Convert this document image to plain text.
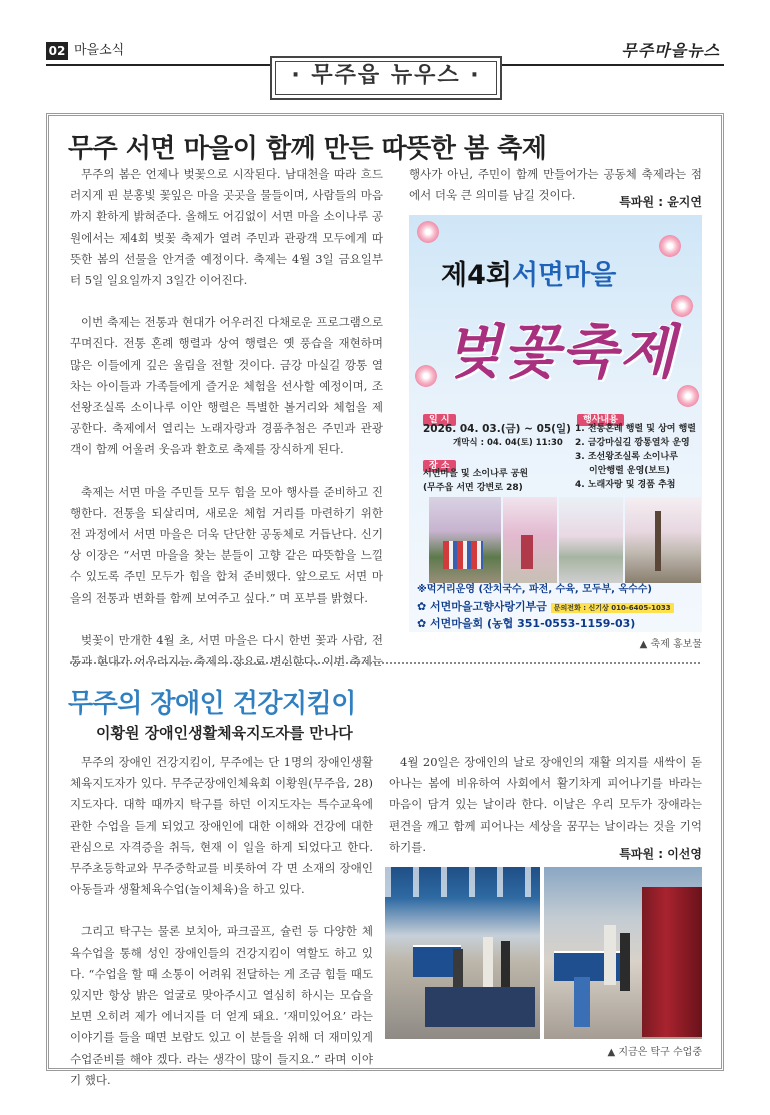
02 마을소식	무주마을뉴스
· 무주읍 뉴우스 ·
무주 서면 마을이 함께 만든 따뜻한 봄 축제

무주의 봄은 언제나 벚꽃으로 시작된다. 남대천을 따라 흐드러지게 핀 분홍빛 꽃잎은 마을 곳곳을 물들이며, 사람들의 마음까지 환하게 밝혀준다. 올해도 어김없이 서면 마을 소이나루 공원에서는 제4회 벚꽃 축제가 열려 주민과 관광객 모두에게 따뜻한 봄의 선물을 안겨줄 예정이다. 축제는 4월 3일 금요일부터 5일 일요일까지 3일간 이어진다.

이번 축제는 전통과 현대가 어우러진 다채로운 프로그램으로 꾸며진다. 전통 혼례 행렬과 상여 행렬은 옛 풍습을 재현하며 많은 이들에게 깊은 울림을 전할 것이다. 금강 마실길 깡통 열차는 아이들과 가족들에게 즐거운 체험을 선사할 예정이며, 조선왕조실록 소이나루 이안 행렬은 특별한 볼거리와 체험을 제공한다. 축제에서 열리는 노래자랑과 경품추첨은 주민과 관광객이 함께 어울려 웃음과 환호로 축제를 장식하게 된다.

축제는 서면 마을 주민들 모두 힘을 모아 행사를 준비하고 진행한다. 전통을 되살리며, 새로운 체험 거리를 마련하기 위한 전 과정에서 서면 마을은 더욱 단단한 공동체로 거듭난다. 신기상 이장은 “서면 마을을 찾는 분들이 고향 같은 따뜻함을 느낄 수 있도록 주민 모두가 힘을 합쳐 준비했다. 앞으로도 서면 마을의 전통과 변화를 함께 보여주고 싶다.” 며 포부를 밝혔다.

벚꽃이 만개한 4월 초, 서면 마을은 다시 한번 꽃과 사람, 전통과 현대가 어우러지는 축제의 장으로 변신한다. 이번 축제는

행사가 아닌, 주민이 함께 만들어가는 공동체 축제라는 점에서 더욱 큰 의미를 남길 것이다.	특파원 : 윤지연
제4회서면마을
벚꽃축제
일 시
2026. 04. 03.(금) ~ 05(일)
개막식 : 04. 04(토) 11:30
장 소
서면마을 및 소이나루 공원
(무주읍 서면 강변로 28)
행사내용
1. 전통혼례 행렬 및 상여 행렬
2. 금강마실길 깡통열차 운영
3. 조선왕조실록 소이나루
이안행렬 운영(보트)
4. 노래자랑 및 경품 추첨
※먹거리운영 (잔치국수, 파전, 수육, 모두부, 옥수수)
✿ 서면마을고향사랑기부금 문의전화 : 신기상 010-6405-1033
✿ 서면마을회 (농협 351-0553-1159-03)
▲ 축제 홍보물
무주의 장애인 건강지킴이
이황원 장애인생활체육지도자를 만나다

무주의 장애인 건강지킴이, 무주에는 단 1명의 장애인생활체육지도자가 있다. 무주군장애인체육회 이황원(무주읍, 28) 지도자다. 대학 때까지 탁구를 하던 이지도자는 특수교육에 관한 수업을 듣게 되었고 장애인에 대한 이해와 건강에 대한 관심으로 자격증을 취득, 현재 이 일을 하게 되었다고 한다. 무주초등학교와 무주중학교를 비롯하여 각 면 소재의 장애인 아동들과 생활체육수업(놀이체육)을 하고 있다.

그리고 탁구는 물론 보치아, 파크골프, 슐런 등 다양한 체육수업을 통해 성인 장애인들의 건강지킴이 역할도 하고 있다. “수업을 할 때 소통이 어려워 전달하는 게 조금 힘들 때도 있지만 항상 밝은 얼굴로 맞아주시고 열심히 하시는 모습을 보면 오히려 제가 에너지를 더 얻게 돼요. ‘재미있어요’ 라는 이야기를 들을 때면 보람도 있고 이 분들을 위해 더 재미있게 수업준비를 해야 겠다. 라는 생각이 많이 들지요.” 라며 이야기 했다.

4월 20일은 장애인의 날로 장애인의 재활 의지를 새싹이 돋아나는 봄에 비유하여 사회에서 활기차게 피어나기를 바라는 마음이 담겨 있는 날이라 한다. 이날은 우리 모두가 장애라는 편견을 깨고 함께 피어나는 세상을 꿈꾸는 날이라는 것을 기억하기를.

특파원 : 이선영
▲ 지금은 탁구 수업중
